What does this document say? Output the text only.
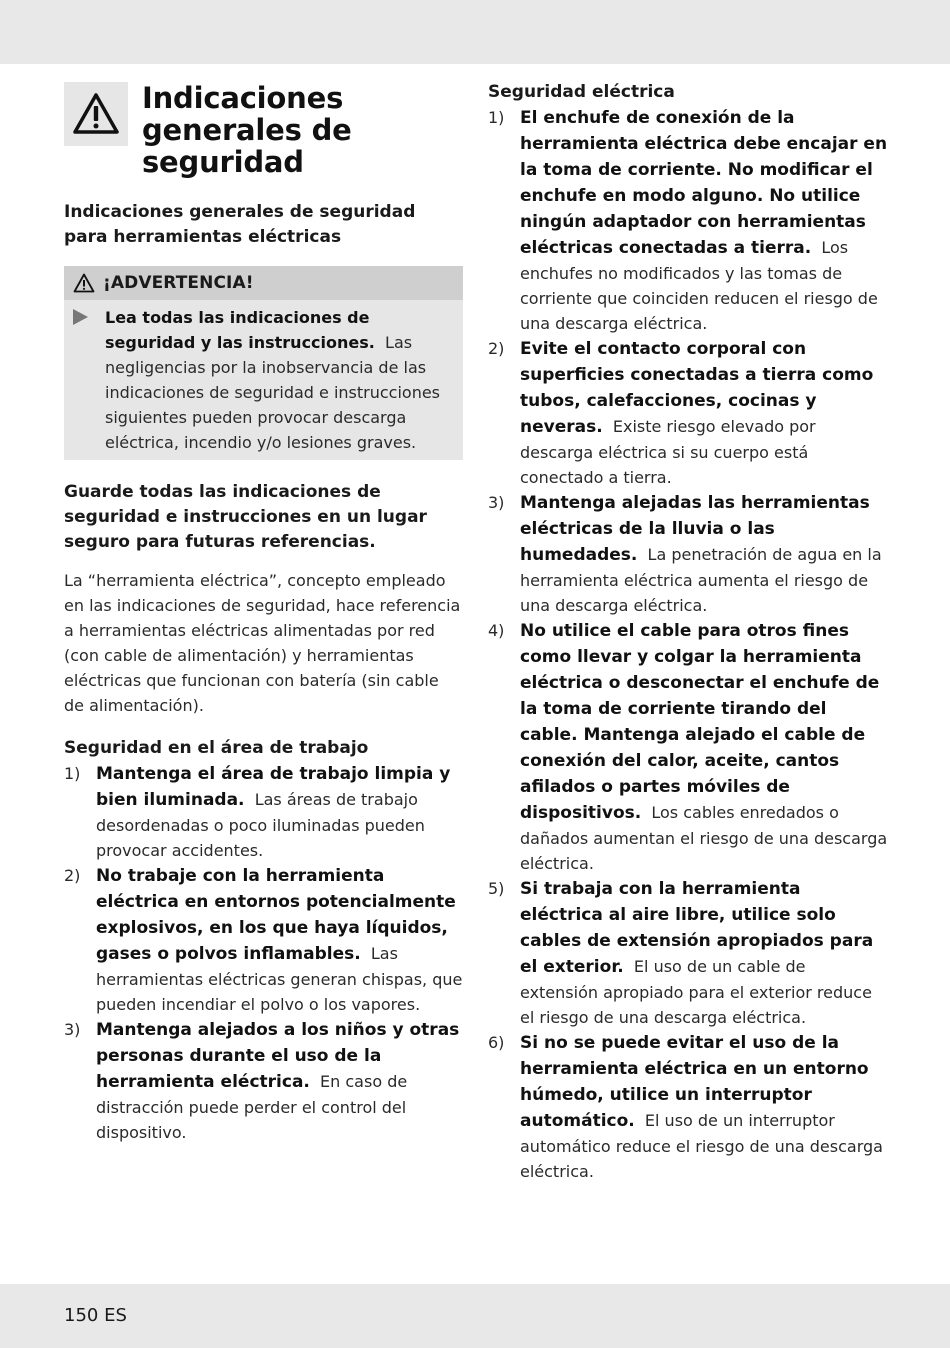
Indicaciones generales de seguridad

Indicaciones generales de seguridad para herramientas eléctricas

¡ADVERTENCIA!

Lea todas las indicaciones de seguridad y las instrucciones. Las negligencias por la inobservancia de las indicaciones de seguridad e instrucciones siguientes pueden provocar descarga eléctrica, incendio y/o lesiones graves.

Guarde todas las indicaciones de seguridad e instrucciones en un lugar seguro para futuras referencias.

La “herramienta eléctrica”, concepto empleado en las indicaciones de seguridad, hace referencia a herramientas eléctricas alimentadas por red (con cable de alimentación) y herramientas eléctricas que funcionan con batería (sin cable de alimentación).

Seguridad en el área de trabajo

1) Mantenga el área de trabajo limpia y bien iluminada. Las áreas de trabajo desordenadas o poco iluminadas pueden provocar accidentes.

2) No trabaje con la herramienta eléctrica en entornos potencialmente explosivos, en los que haya líquidos, gases o polvos inflamables. Las herramientas eléctricas generan chispas, que pueden incendiar el polvo o los vapores.

3) Mantenga alejados a los niños y otras personas durante el uso de la herramienta eléctrica. En caso de distracción puede perder el control del dispositivo.

Seguridad eléctrica

1) El enchufe de conexión de la herramienta eléctrica debe encajar en la toma de corriente. No modificar el enchufe en modo alguno. No utilice ningún adaptador con herramientas eléctricas conectadas a tierra. Los enchufes no modificados y las tomas de corriente que coinciden reducen el riesgo de una descarga eléctrica.

2) Evite el contacto corporal con superficies conectadas a tierra como tubos, calefacciones, cocinas y neveras. Existe riesgo elevado por descarga eléctrica si su cuerpo está conectado a tierra.

3) Mantenga alejadas las herramientas eléctricas de la lluvia o las humedades. La penetración de agua en la herramienta eléctrica aumenta el riesgo de una descarga eléctrica.

4) No utilice el cable para otros fines como llevar y colgar la herramienta eléctrica o desconectar el enchufe de la toma de corriente tirando del cable. Mantenga alejado el cable de conexión del calor, aceite, cantos afilados o partes móviles de dispositivos. Los cables enredados o dañados aumentan el riesgo de una descarga eléctrica.

5) Si trabaja con la herramienta eléctrica al aire libre, utilice solo cables de extensión apropiados para el exterior. El uso de un cable de extensión apropiado para el exterior reduce el riesgo de una descarga eléctrica.

6) Si no se puede evitar el uso de la herramienta eléctrica en un entorno húmedo, utilice un interruptor automático. El uso de un interruptor automático reduce el riesgo de una descarga eléctrica.

150 ES
